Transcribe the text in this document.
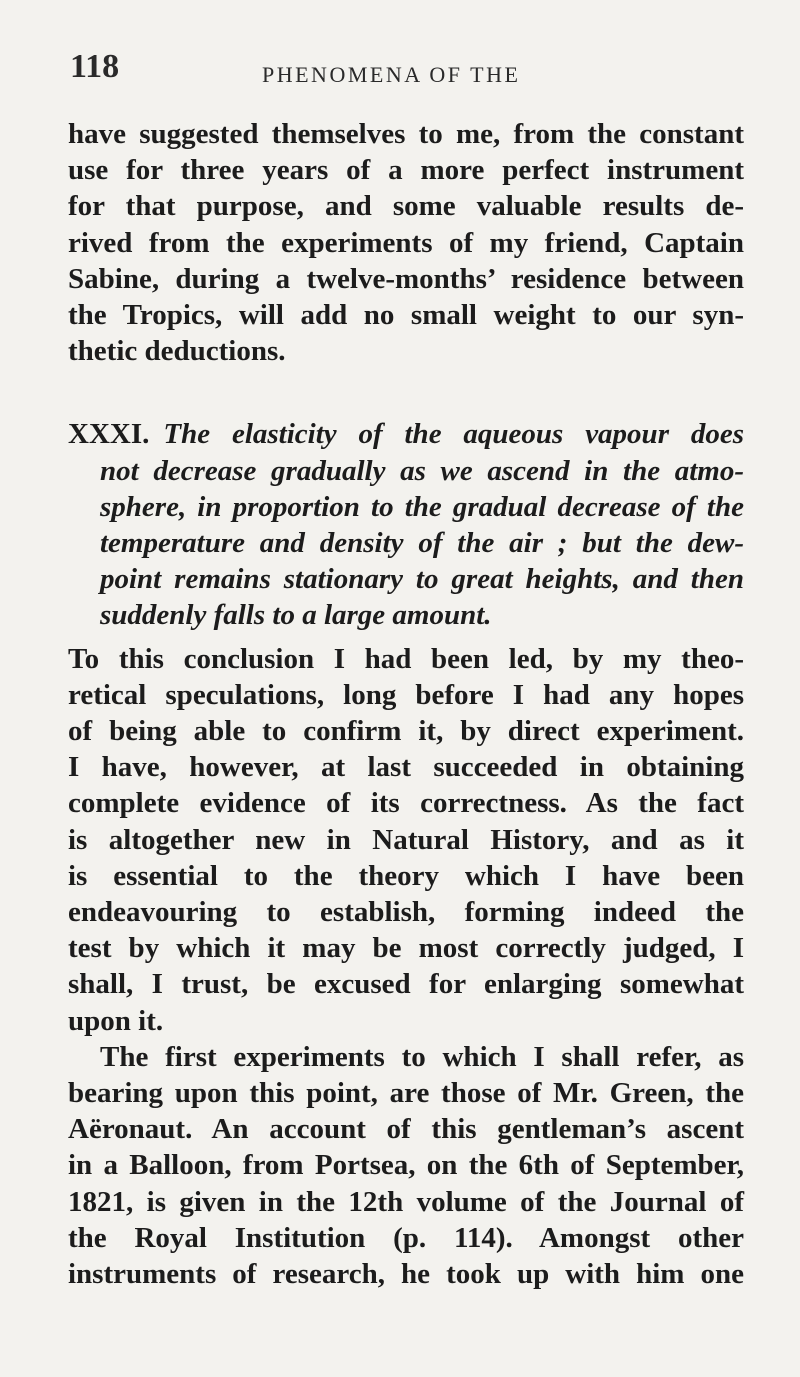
118	PHENOMENA OF THE
have suggested themselves to me, from the constant
use for three years of a more perfect instrument
for that purpose, and some valuable results de-
rived from the experiments of my friend, Captain
Sabine, during a twelve-months’ residence between
the Tropics, will add no small weight to our syn-
thetic deductions.
XXXI. The elasticity of the aqueous vapour does
not decrease gradually as we ascend in the atmo-
sphere, in proportion to the gradual decrease of the
temperature and density of the air ; but the dew-
point remains stationary to great heights, and then
suddenly falls to a large amount.
To this conclusion I had been led, by my theo-
retical speculations, long before I had any hopes
of being able to confirm it, by direct experiment.
I have, however, at last succeeded in obtaining
complete evidence of its correctness. As the fact
is altogether new in Natural History, and as it
is essential to the theory which I have been
endeavouring to establish, forming indeed the
test by which it may be most correctly judged, I
shall, I trust, be excused for enlarging somewhat
upon it.
The first experiments to which I shall refer, as
bearing upon this point, are those of Mr. Green, the
Aëronaut. An account of this gentleman’s ascent
in a Balloon, from Portsea, on the 6th of September,
1821, is given in the 12th volume of the Journal of
the Royal Institution (p. 114). Amongst other
instruments of research, he took up with him one
